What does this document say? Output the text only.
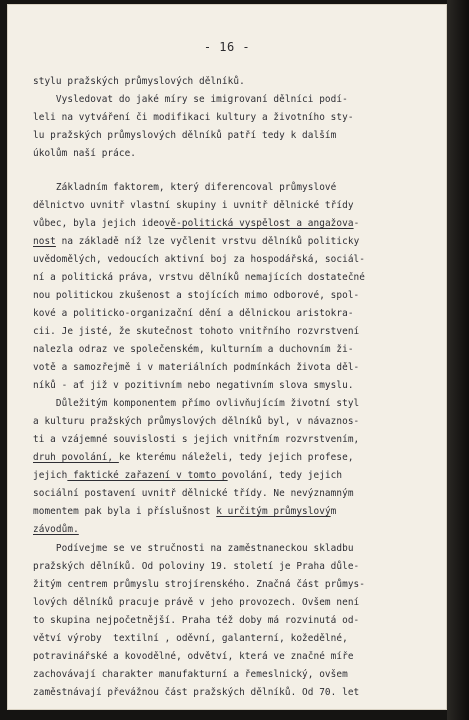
- 16 -
stylu pražských průmyslových dělníků.
Vysledovat do jaké míry se imigrovaní dělníci podí-
leli na vytváření či modifikaci kultury a životního sty-
lu pražských průmyslových dělníků patří tedy k dalším
úkolům naší práce.
Základním faktorem, který diferencoval průmyslové
dělnictvo uvnitř vlastní skupiny i uvnitř dělnické třídy
vůbec, byla jejich ideově-politická vyspělost a angažova-
nost na základě níž lze vyčlenit vrstvu dělníků politicky
uvědomělých, vedoucích aktivní boj za hospodářská, sociál-
ní a politická práva, vrstvu dělníků nemajících dostatečné
nou politickou zkušenost a stojících mimo odborové, spol-
kové a politicko-organizační dění a dělnickou aristokra-
cii. Je jisté, že skutečnost tohoto vnitřního rozvrstvení
nalezla odraz ve společenském, kulturním a duchovním ži-
votě a samozřejmě i v materiálních podmínkách života děl-
níků - ať již v pozitivním nebo negativním slova smyslu.
Důležitým komponentem přímo ovlivňujícím životní styl
a kulturu pražských průmyslových dělníků byl, v návaznos-
ti a vzájemné souvislosti s jejich vnitřním rozvrstvením,
druh povolání, ke kterému náleželi, tedy jejich profese,
jejich faktické zařazení v tomto povolání, tedy jejich
sociální postavení uvnitř dělnické třídy. Ne nevýznamným
momentem pak byla i příslušnost k určitým průmyslovým
závodům.
Podívejme se ve stručnosti na zaměstnaneckou skladbu
pražských dělníků. Od poloviny 19. století je Praha důle-
žitým centrem průmyslu strojírenského. Značná část průmys-
lových dělníků pracuje právě v jeho provozech. Ovšem není
to skupina nejpočetnější. Praha též doby má rozvinutá od-
větví výroby  textilní , oděvní, galanterní, kožedělné,
potravinářské a kovodělné, odvětví, která ve značné míře
zachovávají charakter manufakturní a řemeslnický, ovšem
zaměstnávají převážnou část pražských dělníků. Od 70. let
